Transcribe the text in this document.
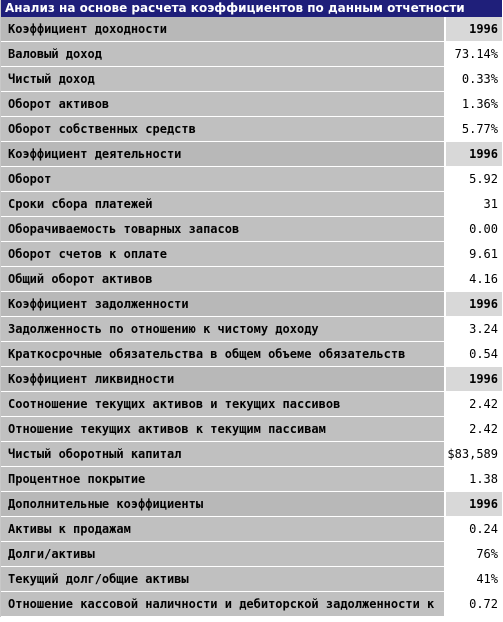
Анализ на основе расчета коэффициентов по данным отчетности
Коэффициент доходности	1996
Валовый доход	73.14%
Чистый доход	0.33%
Оборот активов	1.36%
Оборот собственных средств	5.77%
Коэффициент деятельности	1996
Оборот	5.92
Сроки сбора платежей	31
Оборачиваемость товарных запасов	0.00
Оборот счетов к оплате	9.61
Общий оборот активов	4.16
Коэффициент задолженности	1996
Задолженность по отношению к чистому доходу	3.24
Краткосрочные обязательства в общем объеме обязательств	0.54
Коэффициент ликвидности	1996
Соотношение текущих активов и текущих пассивов	2.42
Отношение текущих активов к текущим пассивам	2.42
Чистый оборотный капитал	$83,589
Процентное покрытие	1.38
Дополнительные коэффициенты	1996
Активы к продажам	0.24
Долги/активы	76%
Текущий долг/общие активы	41%
Отношение кассовой наличности и дебиторской задолженности к	0.72
